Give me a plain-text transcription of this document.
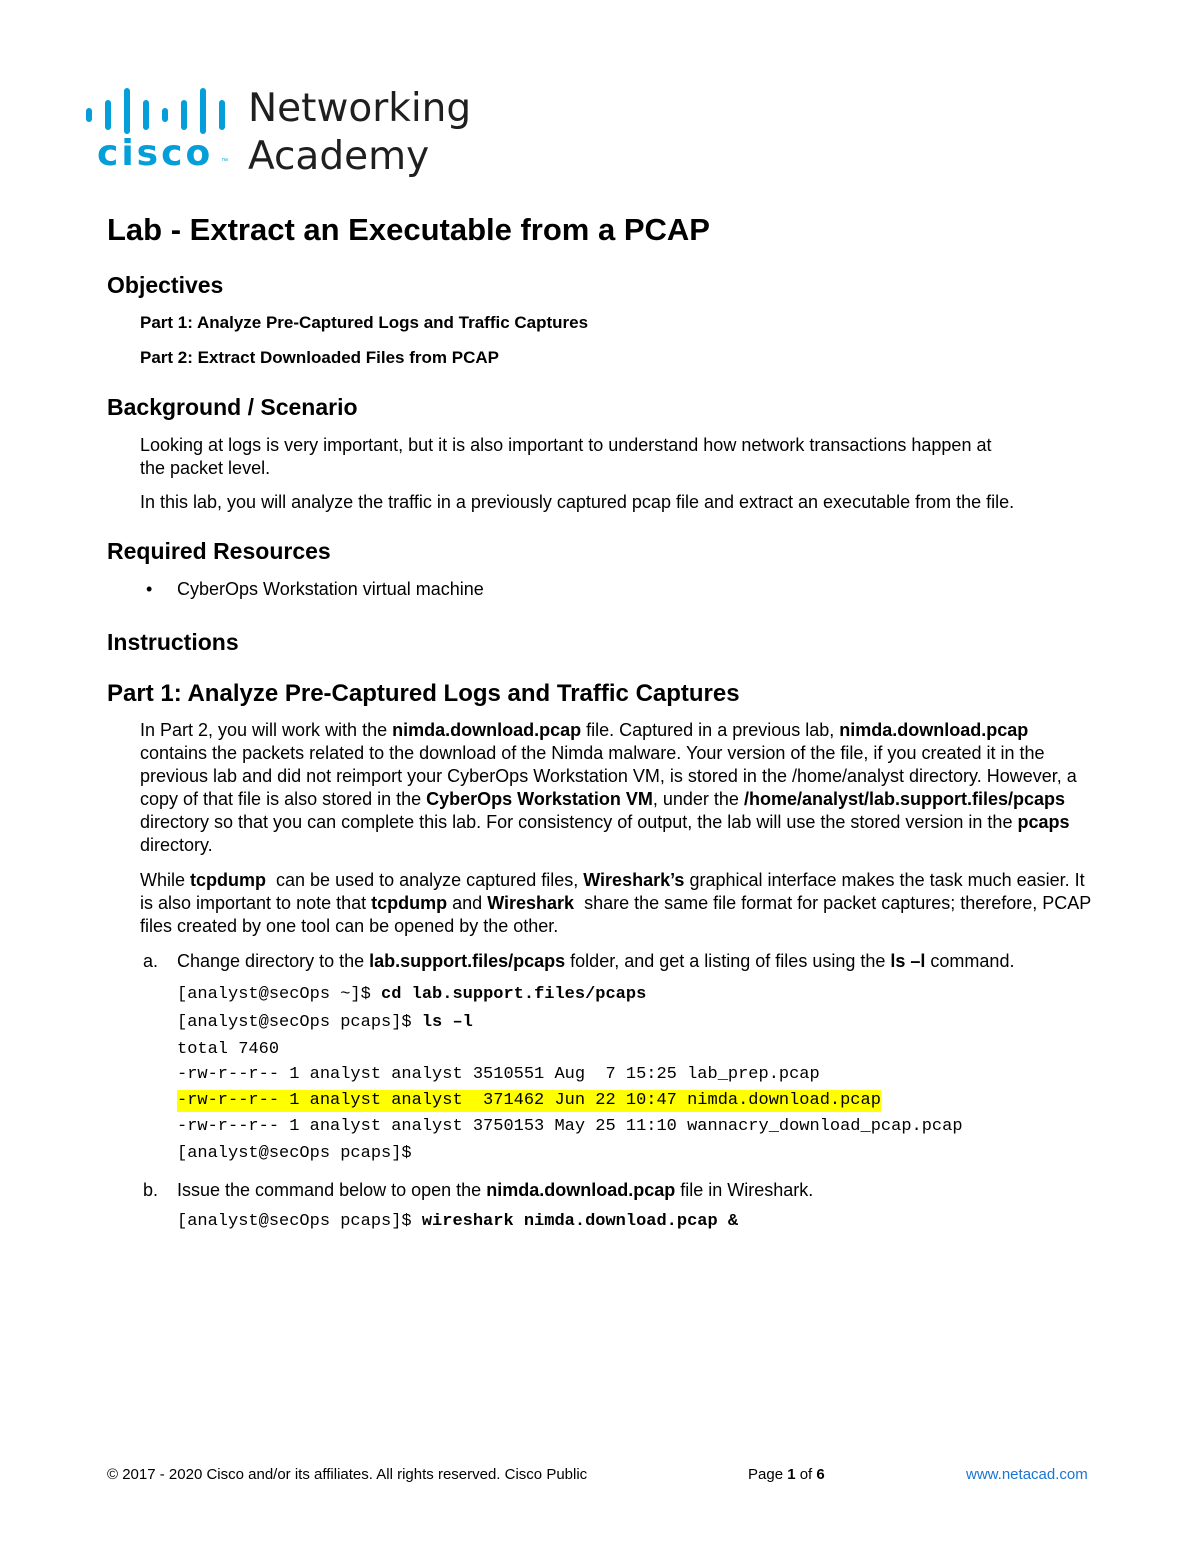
cisco ™
Networking
Academy
Lab - Extract an Executable from a PCAP
Objectives
Part 1: Analyze Pre-Captured Logs and Traffic Captures
Part 2: Extract Downloaded Files from PCAP
Background / Scenario
Looking at logs is very important, but it is also important to understand how network transactions happen at
the packet level.
In this lab, you will analyze the traffic in a previously captured pcap file and extract an executable from the file.
Required Resources
• CyberOps Workstation virtual machine
Instructions
Part 1: Analyze Pre-Captured Logs and Traffic Captures
In Part 2, you will work with the nimda.download.pcap file. Captured in a previous lab, nimda.download.pcap contains the packets related to the download of the Nimda malware. Your version of the file, if you created it in the previous lab and did not reimport your CyberOps Workstation VM, is stored in the /home/analyst directory. However, a copy of that file is also stored in the CyberOps Workstation VM, under the /home/analyst/lab.support.files/pcaps directory so that you can complete this lab. For consistency of output, the lab will use the stored version in the pcaps directory.
While tcpdump  can be used to analyze captured files, Wireshark’s graphical interface makes the task much easier. It is also important to note that tcpdump and Wireshark  share the same file format for packet captures; therefore, PCAP files created by one tool can be opened by the other.
a. Change directory to the lab.support.files/pcaps folder, and get a listing of files using the ls –l command.
[analyst@secOps ~]$ cd lab.support.files/pcaps
[analyst@secOps pcaps]$ ls –l
total 7460
-rw-r--r-- 1 analyst analyst 3510551 Aug  7 15:25 lab_prep.pcap
-rw-r--r-- 1 analyst analyst  371462 Jun 22 10:47 nimda.download.pcap
-rw-r--r-- 1 analyst analyst 3750153 May 25 11:10 wannacry_download_pcap.pcap
[analyst@secOps pcaps]$
b. Issue the command below to open the nimda.download.pcap file in Wireshark.
[analyst@secOps pcaps]$ wireshark nimda.download.pcap &
© 2017 - 2020 Cisco and/or its affiliates. All rights reserved. Cisco Public	Page 1 of 6	www.netacad.com
